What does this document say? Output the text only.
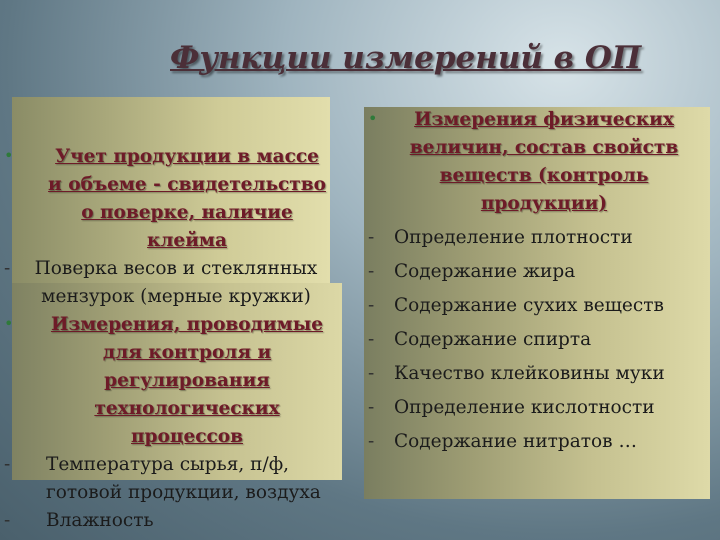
Функции измерений в ОП
•	Учет продукции в массе и объеме - свидетельство о поверке, наличие клейма
-	Поверка весов и стеклянных мензурок (мерные кружки)
•	Измерения, проводимые для контроля и регулирования технологических процессов
-	Температура сырья, п/ф, готовой продукции, воздуха
-	Влажность
•	Измерения физических величин, состав свойств веществ (контроль продукции)
-	Определение плотности
-	Содержание жира
-	Содержание сухих веществ
-	Содержание спирта
-	Качество клейковины муки
-	Определение кислотности
-	Содержание нитратов …
